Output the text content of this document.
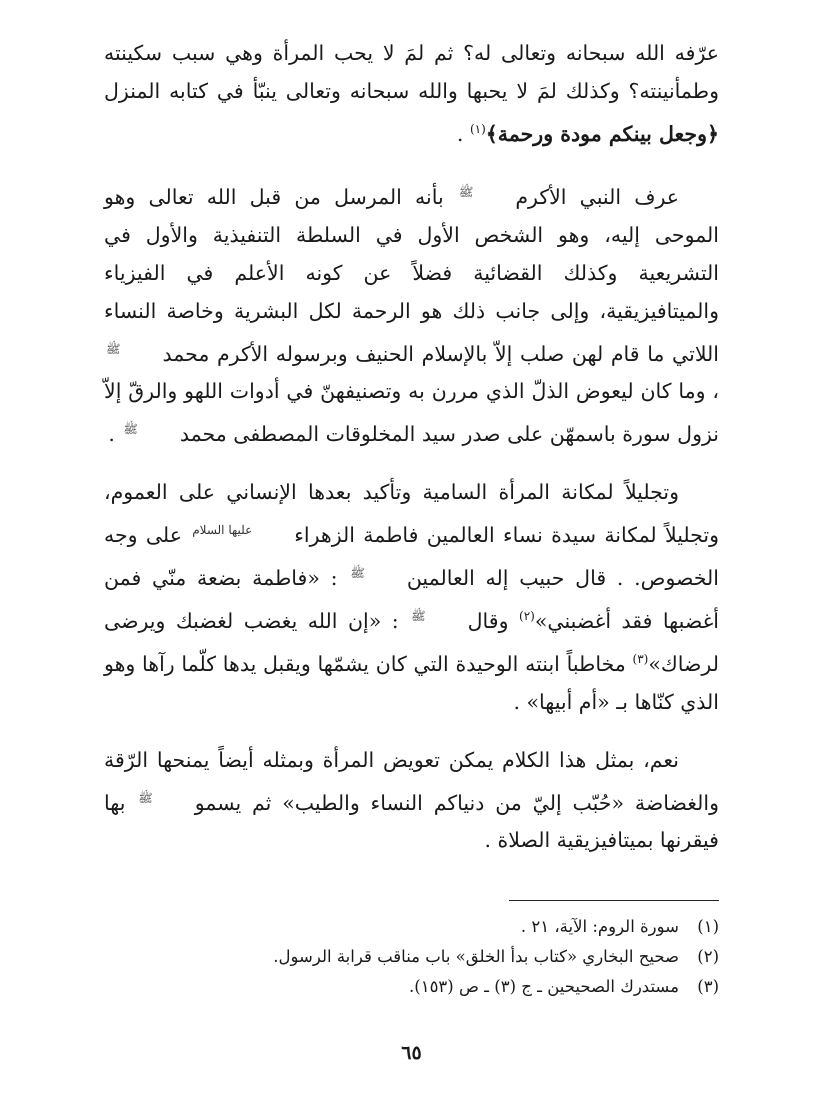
عرّفه الله سبحانه وتعالى له؟ ثم لمَ لا يحب المرأة وهي سبب سكينته وطمأنينته؟ وكذلك لمَ لا يحبها والله سبحانه وتعالى ينبّأ في كتابه المنزل ﴿وجعل بينكم مودة ورحمة﴾$^{(١)}$ .

عرف النبي الأكرمﷺ بأنه المرسل من قبل الله تعالى وهو الموحى إليه، وهو الشخص الأول في السلطة التنفيذية والأول في التشريعية وكذلك القضائية فضلاً عن كونه الأعلم في الفيزياء والميتافيزيقية، وإلى جانب ذلك هو الرحمة لكل البشرية وخاصة النساء اللاتي ما قام لهن صلب إلاّ بالإسلام الحنيف وبرسوله الأكرم محمدﷺ ، وما كان ليعوض الذلّ الذي مررن به وتصنيفهنّ في أدوات اللهو والرقّ إلاّ نزول سورة باسمهّن على صدر سيد المخلوقات المصطفى محمدﷺ .

وتجليلاً لمكانة المرأة السامية وتأكيد بعدها الإنساني على العموم، وتجليلاً لمكانة سيدة نساء العالمين فاطمة الزهراءعليها السلام على وجه الخصوص. . قال حبيب إله العالمينﷺ : «فاطمة بضعة منّي فمن أغضبها فقد أغضبني»$^{(٢)}$ وقالﷺ : «إن الله يغضب لغضبك ويرضى لرضاك»$^{(٣)}$ مخاطباً ابنته الوحيدة التي كان يشمّها ويقبل يدها كلّما رآها وهو الذي كنّاها بـ «أم أبيها» .

نعم، بمثل هذا الكلام يمكن تعويض المرأة وبمثله أيضاً يمنحها الرّقة والغضاضة «حُبّب إليّ من دنياكم النساء والطيب» ثم يسموﷺ بها فيقرنها بميتافيزيقية الصلاة .

(١)سورة الروم: الآية، ٢١ .
(٢)صحيح البخاري «كتاب بدأ الخلق» باب مناقب قرابة الرسول.
(٣)مستدرك الصحيحين ـ ج (٣) ـ ص (١٥٣).
٦٥
